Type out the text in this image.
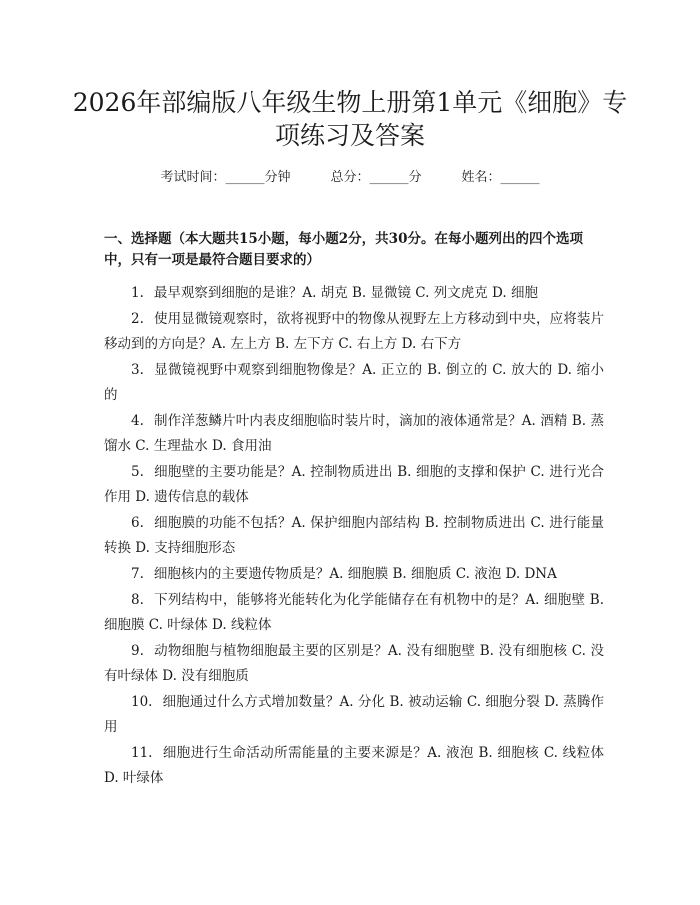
2026年部编版八年级生物上册第1单元《细胞》专项练习及答案
考试时间：______分钟	总分：______分	姓名：______

一、选择题（本大题共15小题，每小题2分，共30分。在每小题列出的四个选项中，只有一项是最符合题目要求的）

1. 最早观察到细胞的是谁？A. 胡克 B. 显微镜 C. 列文虎克 D. 细胞
2. 使用显微镜观察时，欲将视野中的物像从视野左上方移动到中央，应将装片移动到的方向是？A. 左上方 B. 左下方 C. 右上方 D. 右下方
3. 显微镜视野中观察到细胞物像是？A. 正立的 B. 倒立的 C. 放大的 D. 缩小的
4. 制作洋葱鳞片叶内表皮细胞临时装片时，滴加的液体通常是？A. 酒精 B. 蒸馏水 C. 生理盐水 D. 食用油
5. 细胞壁的主要功能是？A. 控制物质进出 B. 细胞的支撑和保护 C. 进行光合作用 D. 遗传信息的载体
6. 细胞膜的功能不包括？A. 保护细胞内部结构 B. 控制物质进出 C. 进行能量转换 D. 支持细胞形态
7. 细胞核内的主要遗传物质是？A. 细胞膜 B. 细胞质 C. 液泡 D. DNA
8. 下列结构中，能够将光能转化为化学能储存在有机物中的是？A. 细胞壁 B. 细胞膜 C. 叶绿体 D. 线粒体
9. 动物细胞与植物细胞最主要的区别是？A. 没有细胞壁 B. 没有细胞核 C. 没有叶绿体 D. 没有细胞质
10. 细胞通过什么方式增加数量？A. 分化 B. 被动运输 C. 细胞分裂 D. 蒸腾作用
11. 细胞进行生命活动所需能量的主要来源是？A. 液泡 B. 细胞核 C. 线粒体 D. 叶绿体
